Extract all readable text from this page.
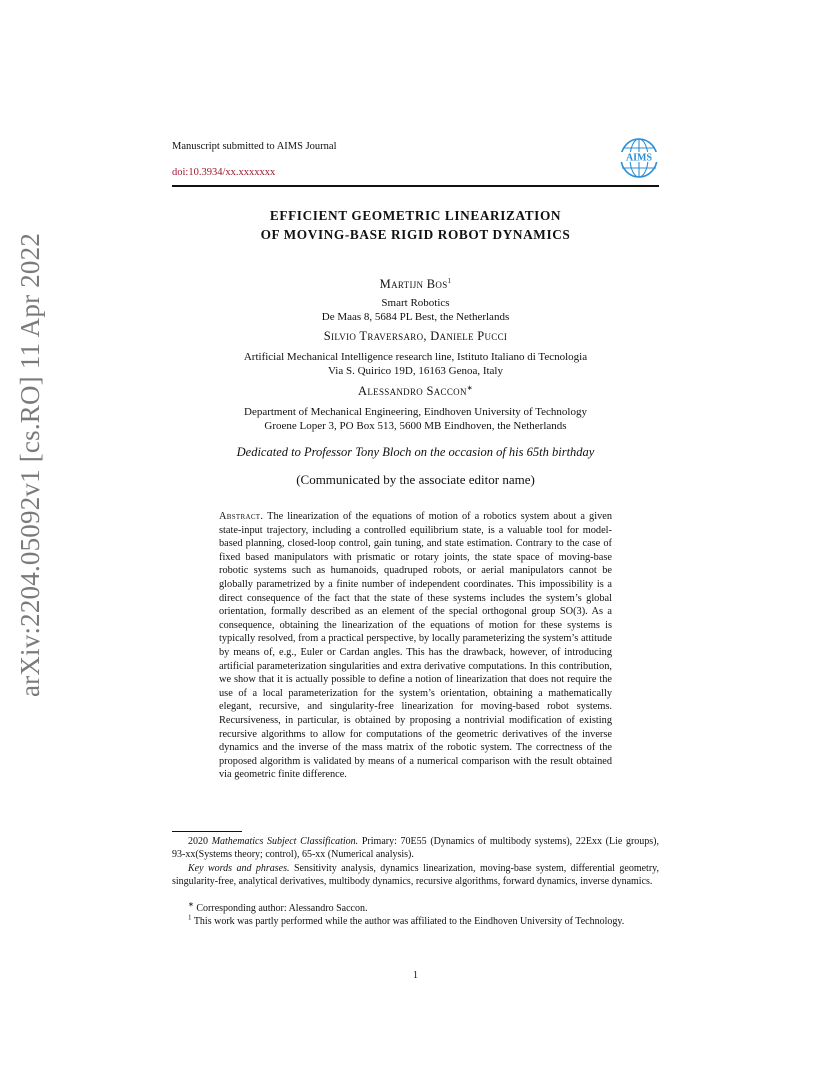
arXiv:2204.05092v1 [cs.RO] 11 Apr 2022
Manuscript submitted to AIMS Journal
doi:10.3934/xx.xxxxxxx
AIMS
EFFICIENT GEOMETRIC LINEARIZATION
OF MOVING-BASE RIGID ROBOT DYNAMICS
Martijn Bos$^1$
Smart Robotics
De Maas 8, 5684 PL Best, the Netherlands
Silvio Traversaro, Daniele Pucci
Artificial Mechanical Intelligence research line, Istituto Italiano di Tecnologia
Via S. Quirico 19D, 16163 Genoa, Italy
Alessandro Saccon∗
Department of Mechanical Engineering, Eindhoven University of Technology
Groene Loper 3, PO Box 513, 5600 MB Eindhoven, the Netherlands
Dedicated to Professor Tony Bloch on the occasion of his 65th birthday
(Communicated by the associate editor name)
Abstract. The linearization of the equations of motion of a robotics system about a given state-input trajectory, including a controlled equilibrium state, is a valuable tool for model-based planning, closed-loop control, gain tuning, and state estimation. Contrary to the case of fixed based manipulators with prismatic or rotary joints, the state space of moving-base robotic systems such as humanoids, quadruped robots, or aerial manipulators cannot be globally parametrized by a finite number of independent coordinates. This impossibility is a direct consequence of the fact that the state of these systems includes the system’s global orientation, formally described as an element of the special orthogonal group SO(3). As a consequence, obtaining the linearization of the equations of motion for these systems is typically resolved, from a practical perspective, by locally parameterizing the system’s attitude by means of, e.g., Euler or Cardan angles. This has the drawback, however, of introducing artificial parameterization singularities and extra derivative computations. In this contribution, we show that it is actually possible to define a notion of linearization that does not require the use of a local parameterization for the system’s orientation, obtaining a mathematically elegant, recursive, and singularity-free linearization for moving-based robot systems. Recursiveness, in particular, is obtained by proposing a nontrivial modification of existing recursive algorithms to allow for computations of the geometric derivatives of the inverse dynamics and the inverse of the mass matrix of the robotic system. The correctness of the proposed algorithm is validated by means of a numerical comparison with the result obtained via geometric finite difference.
2020 Mathematics Subject Classification. Primary: 70E55 (Dynamics of multibody systems), 22Exx (Lie groups), 93-xx(Systems theory; control), 65-xx (Numerical analysis).
Key words and phrases. Sensitivity analysis, dynamics linearization, moving-base system, differential geometry, singularity-free, analytical derivatives, multibody dynamics, recursive algorithms, forward dynamics, inverse dynamics.
∗ Corresponding author: Alessandro Saccon.
$^1$ This work was partly performed while the author was affiliated to the Eindhoven University of Technology.
1
